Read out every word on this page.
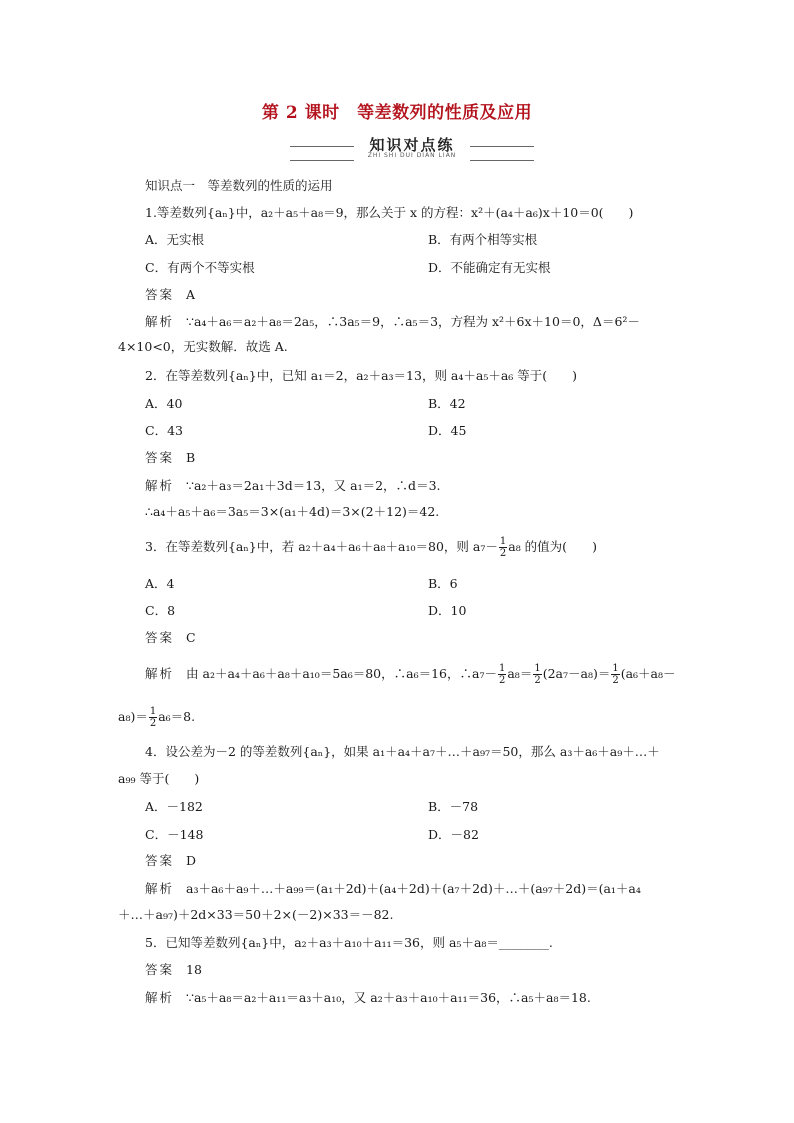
第 2 课时　等差数列的性质及应用
知识对点练
ZHI SHI DUI DIAN LIAN
知识点一　等差数列的性质的运用
1.等差数列{aₙ}中，a₂＋a₅＋a₈＝9，那么关于 x 的方程：x²＋(a₄＋a₆)x＋10＝0(　　)
A．无实根	B．有两个相等实根
C．有两个不等实根	D．不能确定有无实根
答案 A
解析 ∵a₄＋a₆＝a₂＋a₈＝2a₅，∴3a₅＝9，∴a₅＝3，方程为 x²＋6x＋10＝0，Δ＝6²－
4×10<0，无实数解．故选 A.
2．在等差数列{aₙ}中，已知 a₁＝2，a₂＋a₃＝13，则 a₄＋a₅＋a₆ 等于(　　)
A．40	B．42
C．43	D．45
答案 B
解析 ∵a₂＋a₃＝2a₁＋3d＝13，又 a₁＝2，∴d＝3.
∴a₄＋a₅＋a₆＝3a₅＝3×(a₁＋4d)＝3×(2＋12)＝42.
3．在等差数列{aₙ}中，若 a₂＋a₄＋a₆＋a₈＋a₁₀＝80，则 $a_7- \frac{1}{2} a_8$ 的值为(　　)
A．4	B．6
C．8	D．10
答案 C
解析 由 a₂＋a₄＋a₆＋a₈＋a₁₀＝5a₆＝80，∴a₆＝16，∴a₇－ $\frac{1}{2} a_8= \frac{1}{2} (2a_7-a_8)= \frac{1}{2} (a_6+a_8-$
$a_8)= \frac{1}{2} a_6=8$.
4．设公差为－2 的等差数列{aₙ}，如果 a₁＋a₄＋a₇＋…＋a₉₇＝50，那么 a₃＋a₆＋a₉＋…＋
a₉₉ 等于(　　)
A．－182	B．－78
C．－148	D．－82
答案 D
解析 a₃＋a₆＋a₉＋…＋a₉₉＝(a₁＋2d)＋(a₄＋2d)＋(a₇＋2d)＋…＋(a₉₇＋2d)＝(a₁＋a₄
＋…＋a₉₇)＋2d×33＝50＋2×(－2)×33＝－82.
5．已知等差数列{aₙ}中，a₂＋a₃＋a₁₀＋a₁₁＝36，则 a₅＋a₈＝________.
答案 18
解析 ∵a₅＋a₈＝a₂＋a₁₁＝a₃＋a₁₀，又 a₂＋a₃＋a₁₀＋a₁₁＝36，∴a₅＋a₈＝18.
